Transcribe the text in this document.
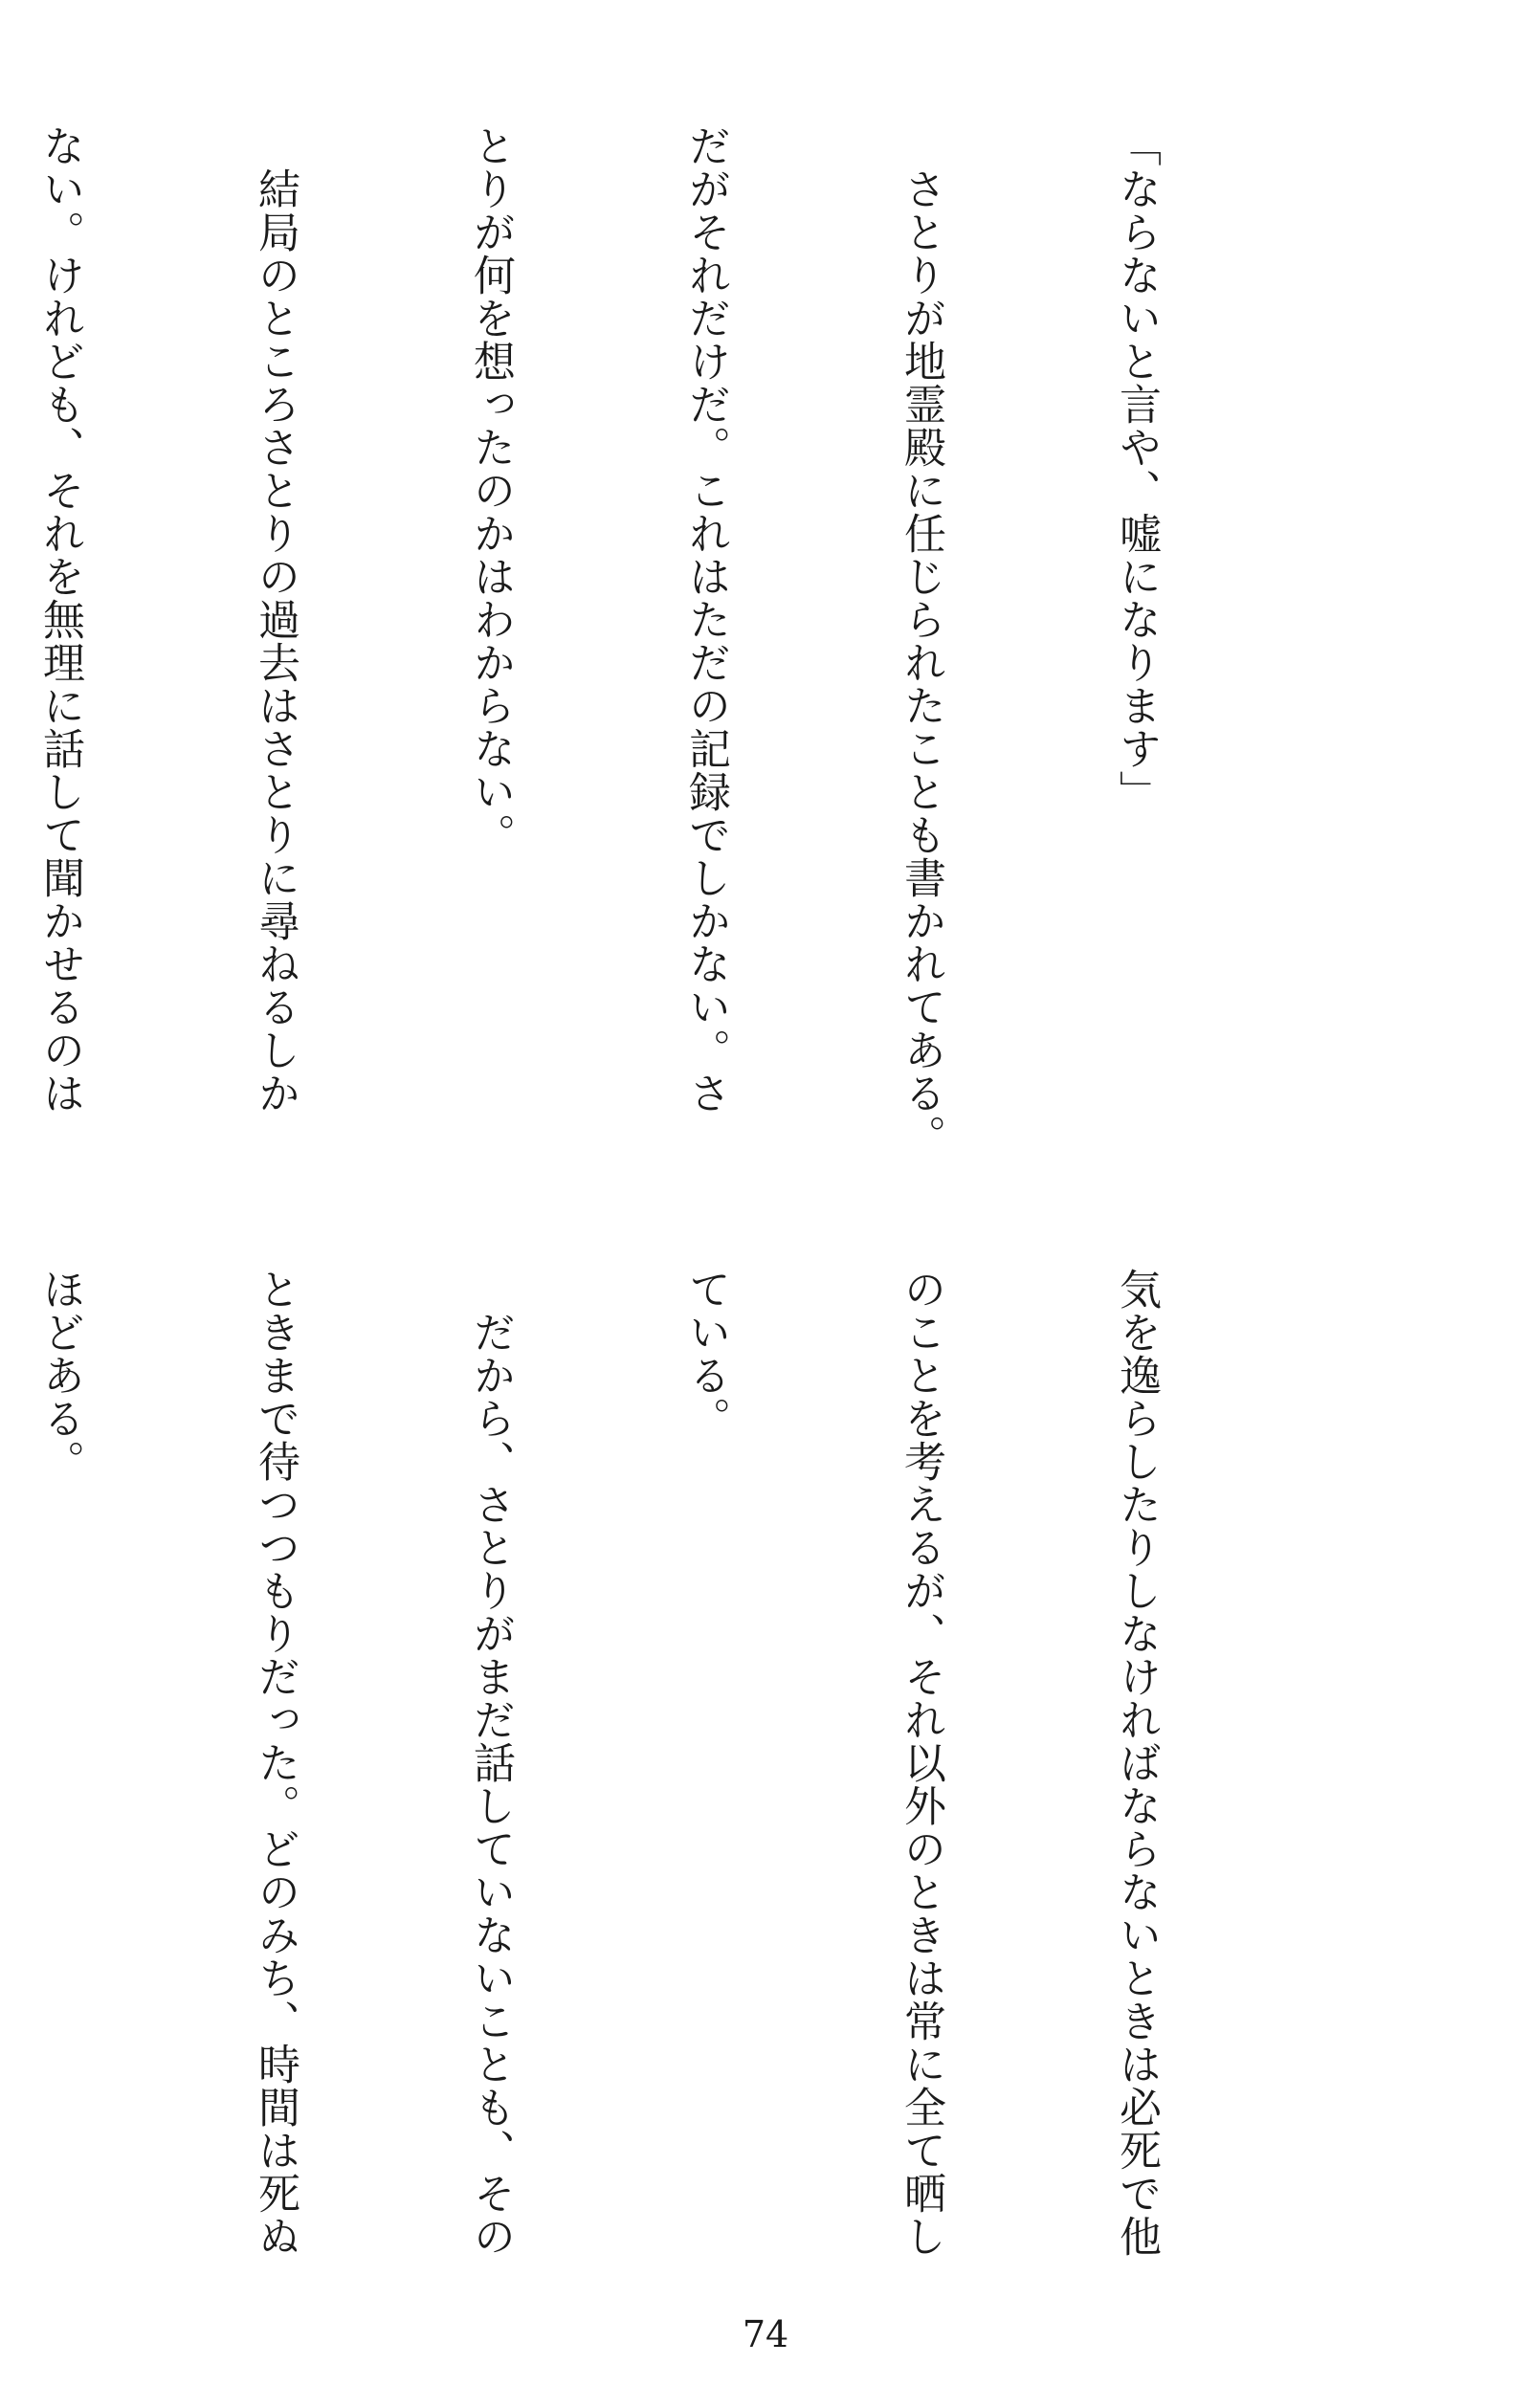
「ならないと言や、嘘になります」

　さとりが地霊殿に任じられたことも書かれてある。

だがそれだけだ。これはただの記録でしかない。さ

とりが何を想ったのかはわからない。

　結局のところさとりの過去はさとりに尋ねるしか

ない。けれども、それを無理に話して聞かせるのは

気を逸らしたりしなければならないときは必死で他

のことを考えるが、それ以外のときは常に全て晒し

ている。

　だから、さとりがまだ話していないことも、その

ときまで待つつもりだった。どのみち、時間は死ぬ

ほどある。

74
